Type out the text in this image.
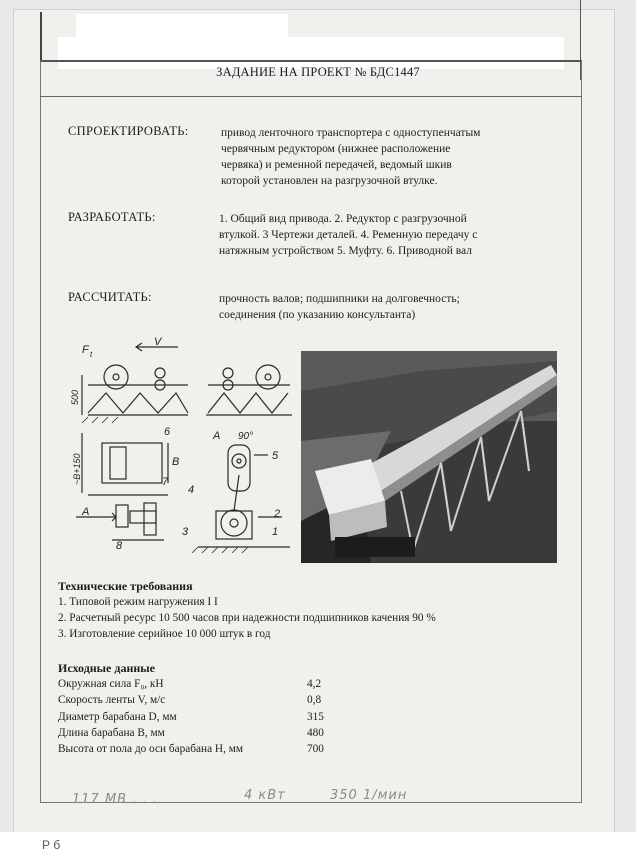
ЗАДАНИЕ НА ПРОЕКТ № БДС1447
СПРОЕКТИРОВАТЬ:	привод ленточного транспортера с одноступенчатым
червячным редуктором (нижнее расположение
червяка) и ременной передачей, ведомый шкив
которой установлен на разгрузочной втулке.
РАЗРАБОТАТЬ:	1. Общий вид привода. 2. Редуктор с разгрузочной
втулкой. 3 Чертежи деталей. 4. Ременную передачу с
натяжным устройством 5. Муфту. 6. Приводной вал
РАССЧИТАТЬ:	прочность валов; подшипники на долговечность;
соединения (по указанию консультанта)
F t
V
500
~B+150
A
A
90°
B
1
2
3
4
5
6
7
8
Технические требования
1. Типовой режим нагружения I I
2. Расчетный ресурс 10 500 часов при надежности подшипников качения 90 %
3. Изготовление серийное 10 000 штук в год
Исходные данные
Окружная сила F₀, кН	4,2
Скорость ленты V, м/с	0,8
Диаметр барабана D, мм	315
Длина барабана B, мм	480
Высота от пола до оси барабана H, мм	700
117 МВ . . .	4 кВт	350 1/мин
Р б
